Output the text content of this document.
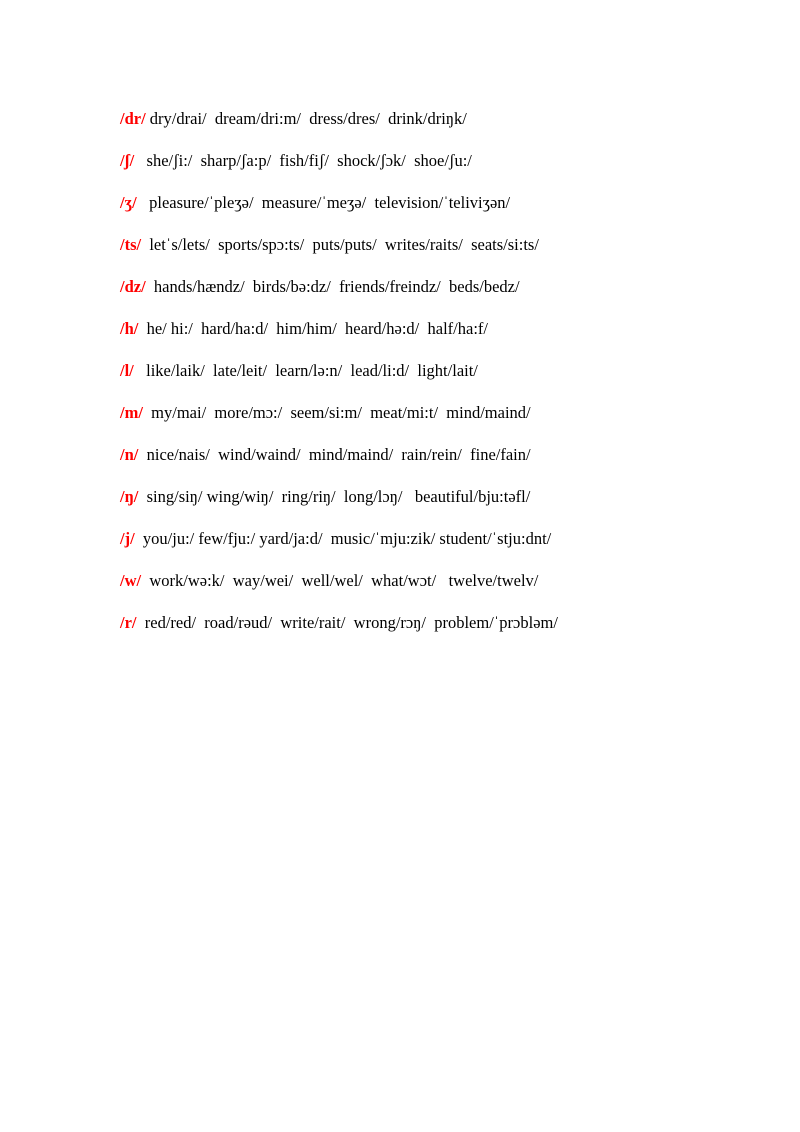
/dr/ dry/drai/  dream/dri:m/  dress/dres/  drink/driŋk/
/ʃ/   she/ʃi:/  sharp/ʃa:p/  fish/fiʃ/  shock/ʃɔk/  shoe/ʃu:/
/ʒ/   pleasure/ˈpleʒə/  measure/ˈmeʒə/  television/ˈteliviʒən/
/ts/  letˈs/lets/  sports/spɔ:ts/  puts/puts/  writes/raits/  seats/si:ts/
/dz/  hands/hændz/  birds/bə:dz/  friends/freindz/  beds/bedz/
/h/  he/ hi:/  hard/ha:d/  him/him/  heard/hə:d/  half/ha:f/
/l/   like/laik/  late/leit/  learn/lə:n/  lead/li:d/  light/lait/
/m/  my/mai/  more/mɔ:/  seem/si:m/  meat/mi:t/  mind/maind/
/n/  nice/nais/  wind/waind/  mind/maind/  rain/rein/  fine/fain/
/ŋ/  sing/siŋ/ wing/wiŋ/  ring/riŋ/  long/lɔŋ/   beautiful/bju:təfl/
/j/  you/ju:/ few/fju:/ yard/ja:d/  music/ˈmju:zik/ student/ˈstju:dnt/
/w/  work/wə:k/  way/wei/  well/wel/  what/wɔt/   twelve/twelv/
/r/  red/red/  road/rəud/  write/rait/  wrong/rɔŋ/  problem/ˈprɔbləm/
